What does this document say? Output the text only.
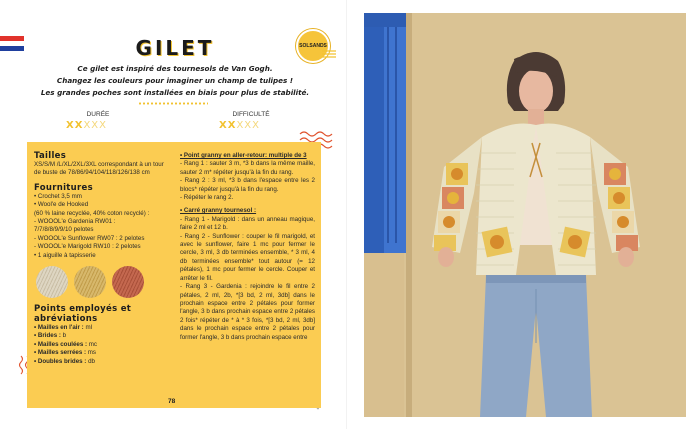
GILET	SOLSANDS
Ce gilet est inspiré des tournesols de Van Gogh.
Changez les couleurs pour imaginer un champ de tulipes !
Les grandes poches sont installées en biais pour plus de stabilité.
DURÉE
X X X X X
DIFFICULTÉ
X X X X X
Tailles
XS/S/M /L/XL/2XL/3XL correspondant à un tour de buste de 78/86/94/104/118/126/138 cm
Fournitures
• Crochet 3,5 mm
• Wool'e de Hooked
(60 % laine recyclée, 40% coton recyclé) :
- WOOOL'e Gardenia RW01 :
7/7/8/8/9/9/10 pelotes
- WOOOL'e Sunflower RW07 : 2 pelotes
- WOOOL'e Marigold RW10 : 2 pelotes
• 1 aiguille à tapisserie
Points employés et abréviations
• Mailles en l'air : ml
• Brides : b
• Mailles coulées : mc
• Mailles serrées : ms
• Doubles brides : db
• Point granny en aller-retour: multiple de 3
- Rang 1 : sauter 3 m, *3 b dans la même maille, sauter 2 m* répéter jusqu'à la fin du rang.
- Rang 2 : 3 ml, *3 b dans l'espace entre les 2 blocs* répéter jusqu'à la fin du rang.
- Répéter le rang 2.
• Carré granny tournesol :
- Rang 1 - Marigold : dans un anneau magique, faire 2 ml et 12 b.
- Rang 2 - Sunflower : couper le fil marigold, et avec le sunflower, faire 1 mc pour fermer le cercle, 3 ml, 3 db terminées ensemble, * 3 ml, 4 db terminées ensemble* tout autour (= 12 pétales), 1 mc pour fermer le cercle. Couper et arrêter le fil.
- Rang 3 - Gardenia : rejoindre le fil entre 2 pétales, 2 ml, 2b, *[3 bd, 2 ml, 3db] dans le prochain espace entre 2 pétales pour former l'angle, 3 b dans prochain espace entre 2 pétales 2 fois* répéter de * à * 3 fois, *[3 bd, 2 ml, 3db] dans le prochain espace entre 2 pétales pour former l'angle, 3 b dans prochain espace entre
78
